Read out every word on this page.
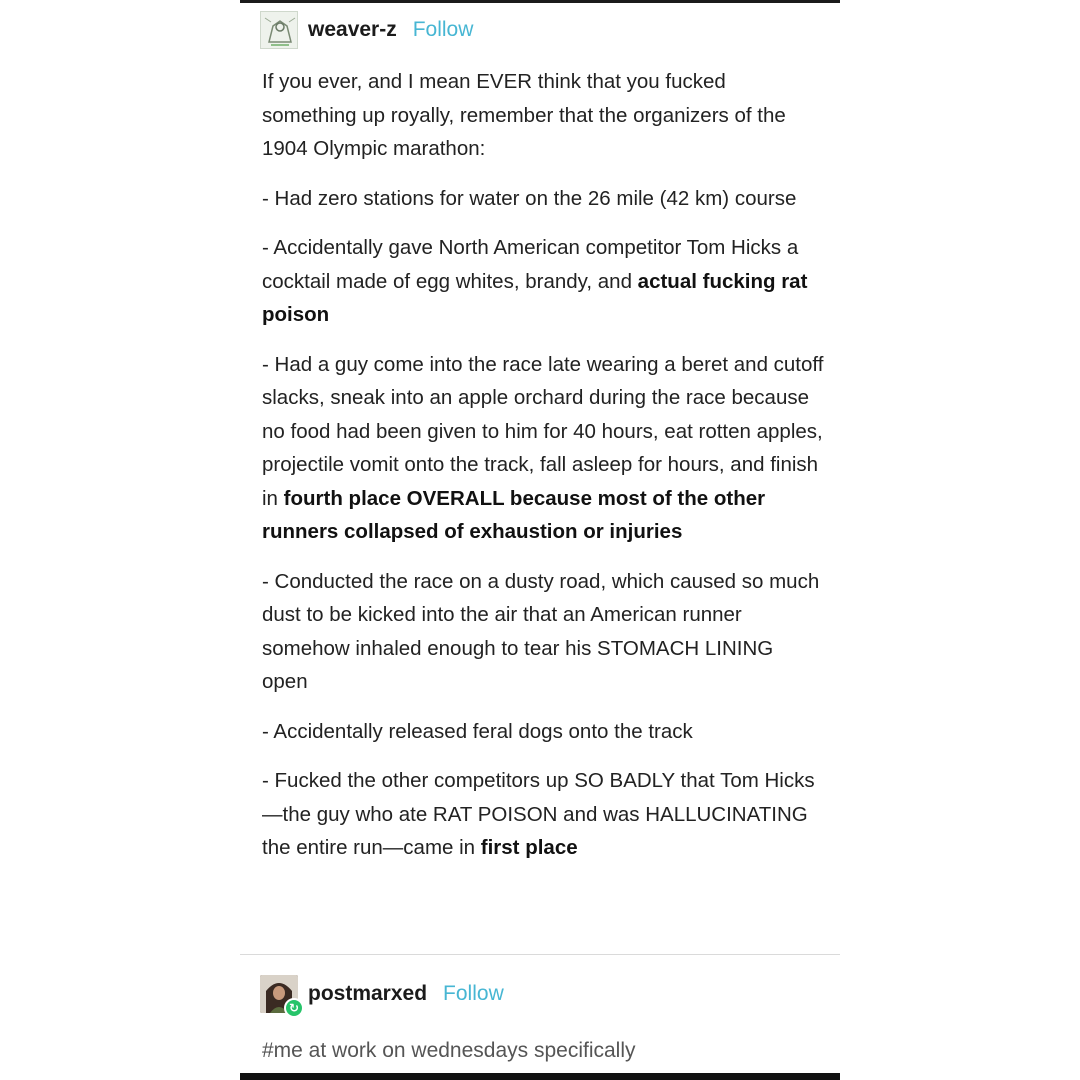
weaver-z Follow

If you ever, and I mean EVER think that you fucked something up royally, remember that the organizers of the 1904 Olympic marathon:

- Had zero stations for water on the 26 mile (42 km) course

- Accidentally gave North American competitor Tom Hicks a cocktail made of egg whites, brandy, and actual fucking rat poison

- Had a guy come into the race late wearing a beret and cutoff slacks, sneak into an apple orchard during the race because no food had been given to him for 40 hours, eat rotten apples, projectile vomit onto the track, fall asleep for hours, and finish in fourth place OVERALL because most of the other runners collapsed of exhaustion or injuries

- Conducted the race on a dusty road, which caused so much dust to be kicked into the air that an American runner somehow inhaled enough to tear his STOMACH LINING open

- Accidentally released feral dogs onto the track

- Fucked the other competitors up SO BADLY that Tom Hicks—the guy who ate RAT POISON and was HALLUCINATING the entire run—came in first place

postmarxed Follow
↻
#me at work on wednesdays specifically
